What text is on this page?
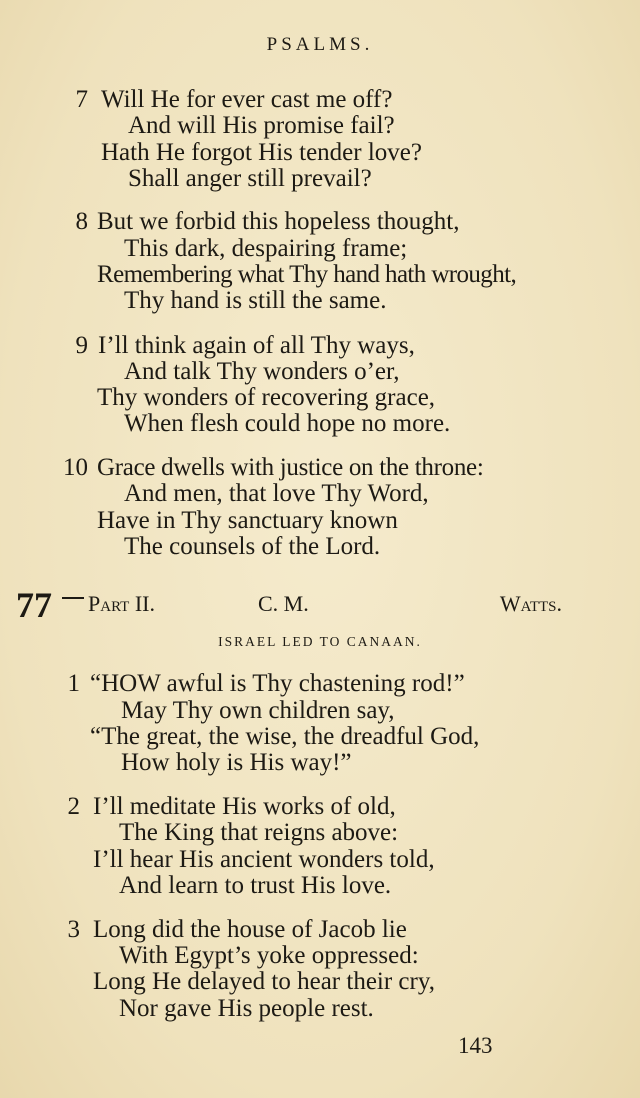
PSALMS.
7 Will He for ever cast me off?
And will His promise fail?
Hath He forgot His tender love?
Shall anger still prevail?
8 But we forbid this hopeless thought,
This dark, despairing frame;
Remembering what Thy hand hath wrought,
Thy hand is still the same.
9 I’ll think again of all Thy ways,
And talk Thy wonders o’er,
Thy wonders of recovering grace,
When flesh could hope no more.
10 Grace dwells with justice on the throne:
And men, that love Thy Word,
Have in Thy sanctuary known
The counsels of the Lord.
77 Part II.	C. M.	Watts.
ISRAEL LED TO CANAAN.
1 “HOW awful is Thy chastening rod!”
May Thy own children say,
“The great, the wise, the dreadful God,
How holy is His way!”
2 I’ll meditate His works of old,
The King that reigns above:
I’ll hear His ancient wonders told,
And learn to trust His love.
3 Long did the house of Jacob lie
With Egypt’s yoke oppressed:
Long He delayed to hear their cry,
Nor gave His people rest.
143
